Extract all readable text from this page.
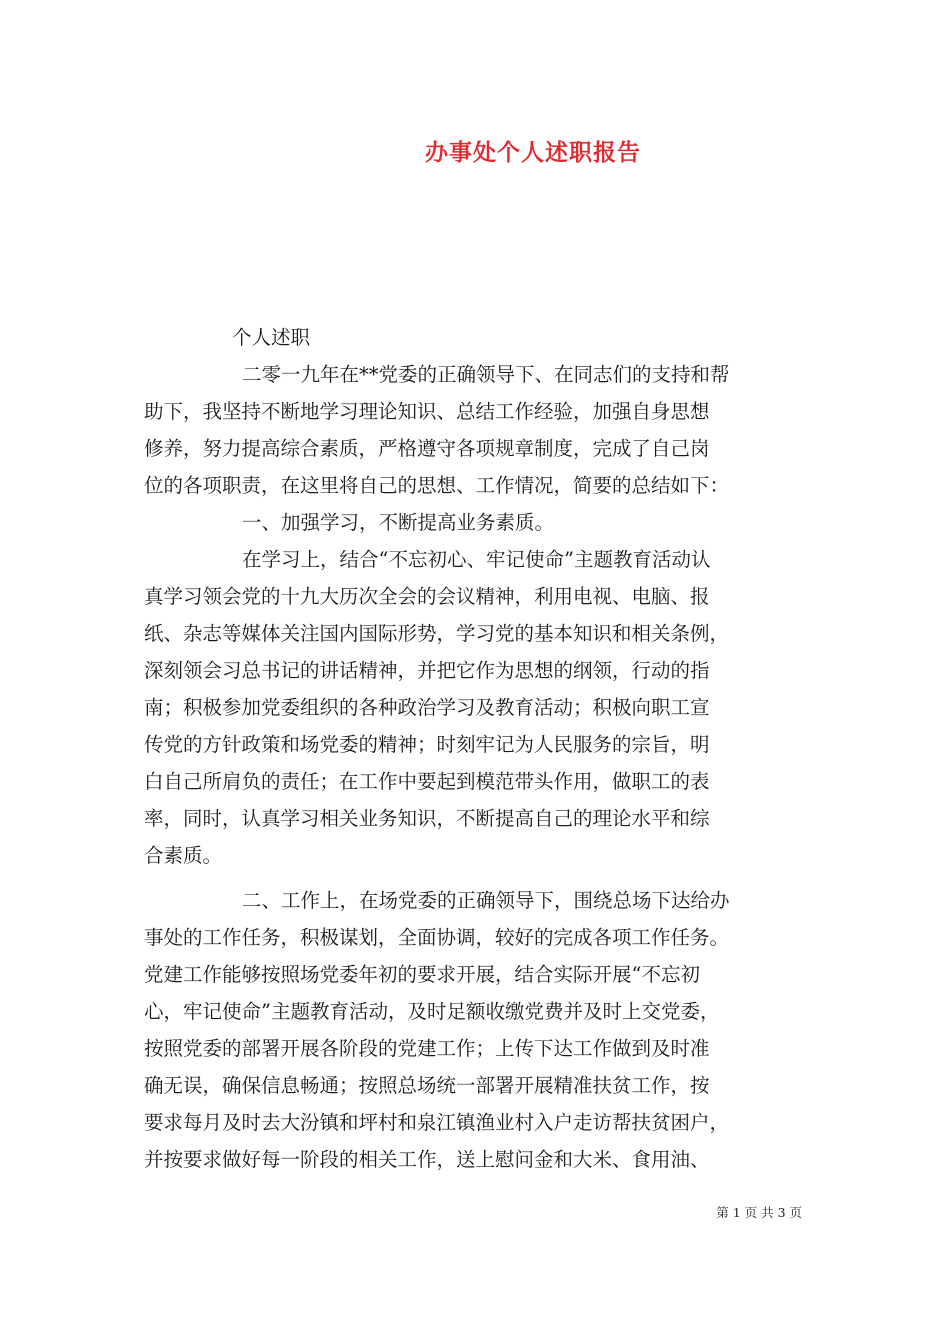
办事处个人述职报告
个人述职
二零一九年在**党委的正确领导下、在同志们的支持和帮
助下，我坚持不断地学习理论知识、总结工作经验，加强自身思想
修养，努力提高综合素质，严格遵守各项规章制度，完成了自己岗
位的各项职责，在这里将自己的思想、工作情况，简要的总结如下：
一、加强学习，不断提高业务素质。
在学习上，结合“不忘初心、牢记使命”主题教育活动认
真学习领会党的十九大历次全会的会议精神，利用电视、电脑、报
纸、杂志等媒体关注国内国际形势，学习党的基本知识和相关条例，
深刻领会习总书记的讲话精神，并把它作为思想的纲领，行动的指
南；积极参加党委组织的各种政治学习及教育活动；积极向职工宣
传党的方针政策和场党委的精神；时刻牢记为人民服务的宗旨，明
白自己所肩负的责任；在工作中要起到模范带头作用，做职工的表
率，同时，认真学习相关业务知识，不断提高自己的理论水平和综
合素质。
二、工作上，在场党委的正确领导下，围绕总场下达给办
事处的工作任务，积极谋划，全面协调，较好的完成各项工作任务。
党建工作能够按照场党委年初的要求开展，结合实际开展“不忘初
心，牢记使命”主题教育活动，及时足额收缴党费并及时上交党委，
按照党委的部署开展各阶段的党建工作；上传下达工作做到及时准
确无误，确保信息畅通；按照总场统一部署开展精准扶贫工作，按
要求每月及时去大汾镇和坪村和泉江镇渔业村入户走访帮扶贫困户，
并按要求做好每一阶段的相关工作，送上慰问金和大米、食用油、
第 1 页 共 3 页
